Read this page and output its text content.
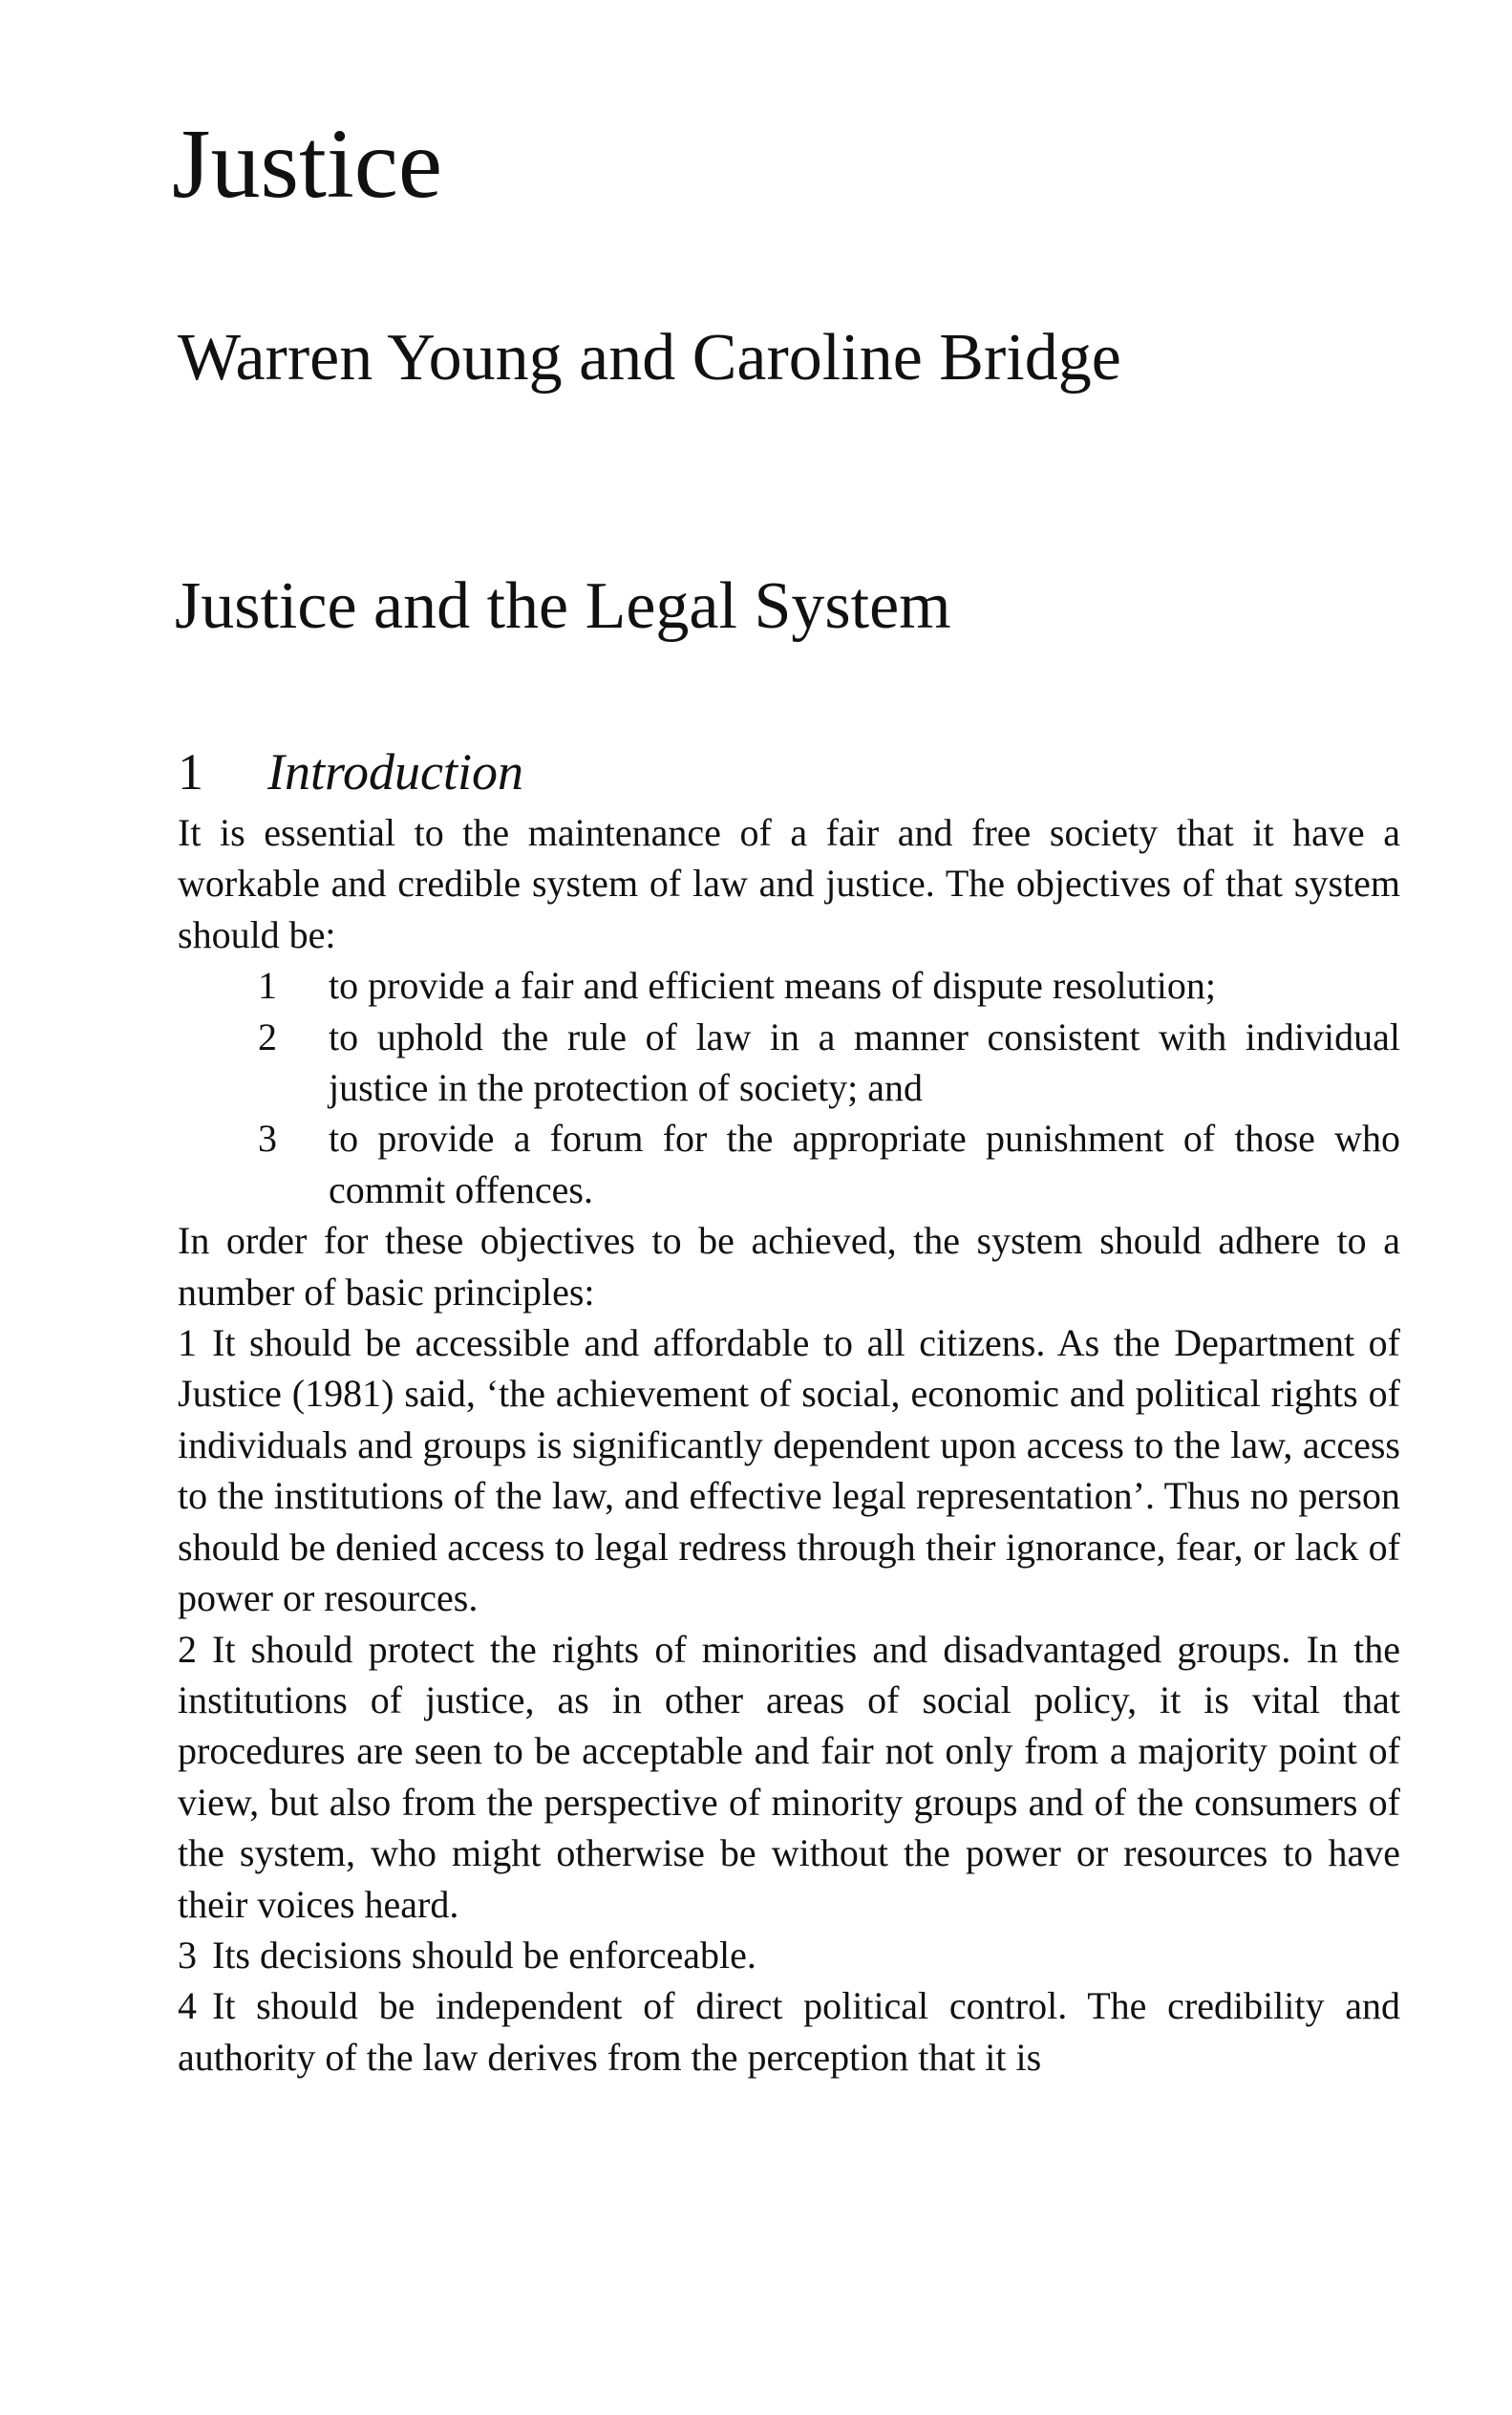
Justice
Warren Young and Caroline Bridge
Justice and the Legal System
1 Introduction

It is essential to the maintenance of a fair and free society that it have a workable and credible system of law and justice. The objectives of that system should be:

1 to provide a fair and efficient means of dispute resolution;
2 to uphold the rule of law in a manner consistent with individual justice in the protection of society; and
3 to provide a forum for the appropriate punishment of those who commit offences.

In order for these objectives to be achieved, the system should adhere to a number of basic principles:

1 It should be accessible and affordable to all citizens. As the Department of Justice (1981) said, ‘the achievement of social, economic and political rights of individuals and groups is significantly dependent upon access to the law, access to the institutions of the law, and effective legal representation’. Thus no person should be denied access to legal redress through their ignorance, fear, or lack of power or resources.

2 It should protect the rights of minorities and disadvantaged groups. In the institutions of justice, as in other areas of social policy, it is vital that procedures are seen to be acceptable and fair not only from a majority point of view, but also from the perspective of minority groups and of the consumers of the system, who might otherwise be without the power or resources to have their voices heard.

3 Its decisions should be enforceable.

4 It should be independent of direct political control. The credibility and authority of the law derives from the perception that it is
